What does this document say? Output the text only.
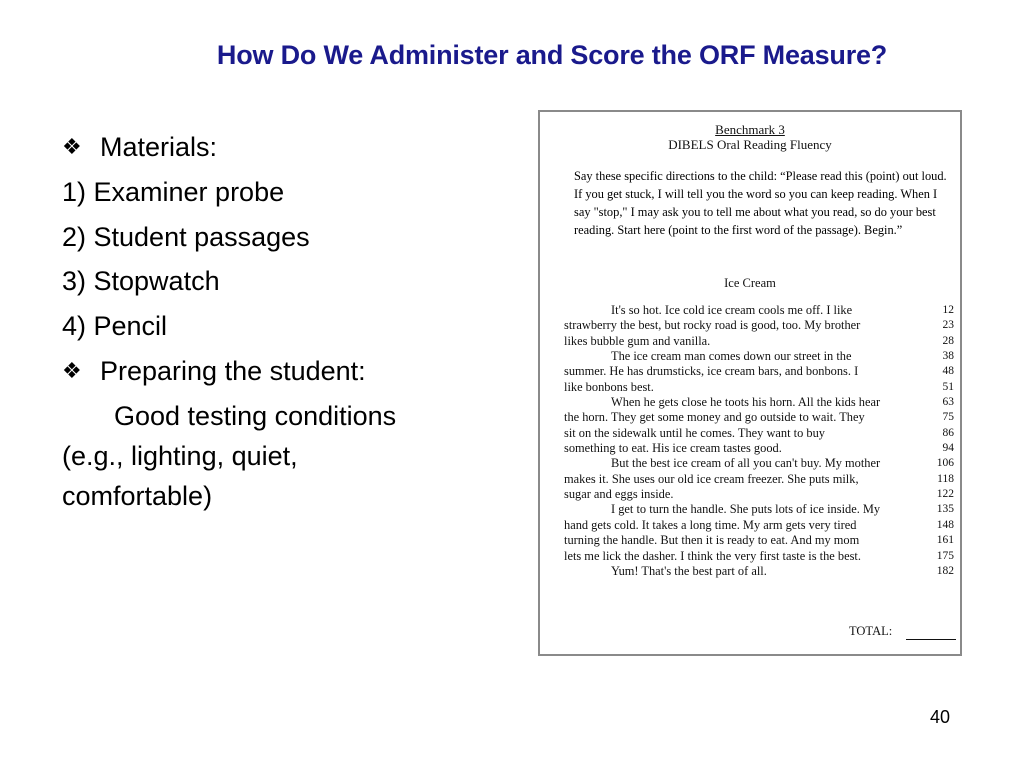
How Do We Administer and Score the ORF Measure?
❖ Materials:
1) Examiner probe
2) Student passages
3) Stopwatch
4) Pencil
❖ Preparing the student:
Good testing conditions
(e.g., lighting, quiet,
comfortable)
Benchmark 3
DIBELS Oral Reading Fluency
Say these specific directions to the child: “Please read this (point) out loud. If you get stuck, I will tell you the word so you can keep reading. When I say "stop," I may ask you to tell me about what you read, so do your best reading. Start here (point to the first word of the passage). Begin.”
Ice Cream
It's so hot. Ice cold ice cream cools me off. I like	12
strawberry the best, but rocky road is good, too. My brother	23
likes bubble gum and vanilla.	28
The ice cream man comes down our street in the	38
summer. He has drumsticks, ice cream bars, and bonbons. I	48
like bonbons best.	51
When he gets close he toots his horn. All the kids hear	63
the horn. They get some money and go outside to wait. They	75
sit on the sidewalk until he comes. They want to buy	86
something to eat. His ice cream tastes good.	94
But the best ice cream of all you can't buy. My mother	106
makes it. She uses our old ice cream freezer. She puts milk,	118
sugar and eggs inside.	122
I get to turn the handle. She puts lots of ice inside. My	135
hand gets cold. It takes a long time. My arm gets very tired	148
turning the handle. But then it is ready to eat. And my mom	161
lets me lick the dasher. I think the very first taste is the best.	175
Yum! That's the best part of all.	182
TOTAL:
40
